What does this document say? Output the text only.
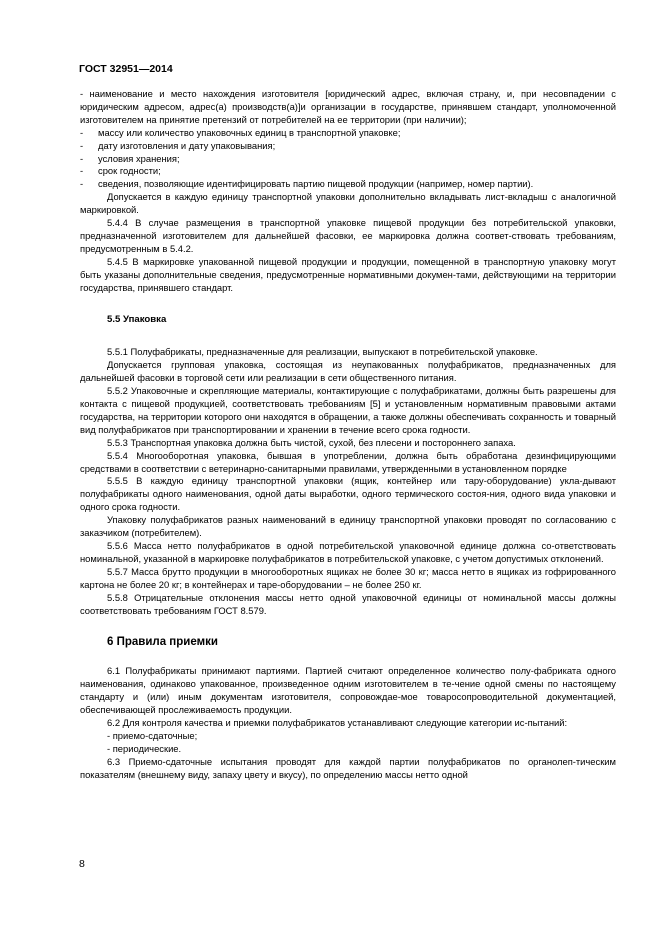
ГОСТ 32951—2014

- наименование и место нахождения изготовителя [юридический адрес, включая страну, и, при несовпадении с юридическим адресом, адрес(а) производств(а)]и организации в государстве, принявшем стандарт, уполномоченной изготовителем на принятие претензий от потребителей на ее территории (при наличии);

-	массу или количество упаковочных единиц в транспортной упаковке;

-	дату изготовления и дату упаковывания;

-	условия хранения;

-	срок годности;

-	сведения, позволяющие идентифицировать партию пищевой продукции (например, номер партии).

Допускается в каждую единицу транспортной упаковки дополнительно вкладывать лист-вкладыш с аналогичной маркировкой.

5.4.4 В случае размещения в транспортной упаковке пищевой продукции без потребительской упаковки, предназначенной изготовителем для дальнейшей фасовки, ее маркировка должна соответ-ствовать требованиям, предусмотренным в 5.4.2.

5.4.5 В маркировке упакованной пищевой продукции и продукции, помещенной в транспортную упаковку могут быть указаны дополнительные сведения, предусмотренные нормативными докумен-тами, действующими на территории государства, принявшего стандарт.

5.5 Упаковка

5.5.1 Полуфабрикаты, предназначенные для реализации, выпускают в потребительской упаковке.

Допускается групповая упаковка, состоящая из неупакованных полуфабрикатов, предназначенных для дальнейшей фасовки в торговой сети или реализации в сети общественного питания.

5.5.2 Упаковочные и скрепляющие материалы, контактирующие с полуфабрикатами, должны быть разрешены для контакта с пищевой продукцией, соответствовать требованиям [5] и установленным нормативным правовыми актами государства, на территории которого они находятся в обращении, а также должны обеспечивать сохранность и товарный вид полуфабрикатов при транспортировании и хранении в течение всего срока годности.

5.5.3 Транспортная упаковка должна быть чистой, сухой, без плесени и постороннего запаха.

5.5.4 Многооборотная упаковка, бывшая в употреблении, должна быть обработана дезинфицирующими средствами в соответствии с ветеринарно-санитарными правилами, утвержденными в установленном порядке

5.5.5 В каждую единицу транспортной упаковки (ящик, контейнер или тару-оборудование) укла-дывают полуфабрикаты одного наименования, одной даты выработки, одного термического состоя-ния, одного вида упаковки и одного срока годности.

Упаковку полуфабрикатов разных наименований в единицу транспортной упаковки проводят по согласованию с заказчиком (потребителем).

5.5.6 Масса нетто полуфабрикатов в одной потребительской упаковочной единице должна со-ответствовать номинальной, указанной в маркировке полуфабрикатов в потребительской упаковке, с учетом допустимых отклонений.

5.5.7 Масса брутто продукции в многооборотных ящиках не более 30 кг; масса нетто в ящиках из гофрированного картона не более 20 кг; в контейнерах и таре-оборудовании – не более 250 кг.

5.5.8 Отрицательные отклонения массы нетто одной упаковочной единицы от номинальной массы должны соответствовать требованиям ГОСТ 8.579.

6 Правила приемки

6.1 Полуфабрикаты принимают партиями. Партией считают определенное количество полу-фабриката одного наименования, одинаково упакованное, произведенное одним изготовителем в те-чение одной смены по настоящему стандарту и (или) иным документам изготовителя, сопровождае-мое товаросопроводительной документацией, обеспечивающей прослеживаемость продукции.

6.2 Для контроля качества и приемки полуфабрикатов устанавливают следующие категории ис-пытаний:

- приемо-сдаточные;

- периодические.

6.3 Приемо-сдаточные испытания проводят для каждой партии полуфабрикатов по органолеп-тическим показателям (внешнему виду, запаху цвету и вкусу), по определению массы нетто одной

8
